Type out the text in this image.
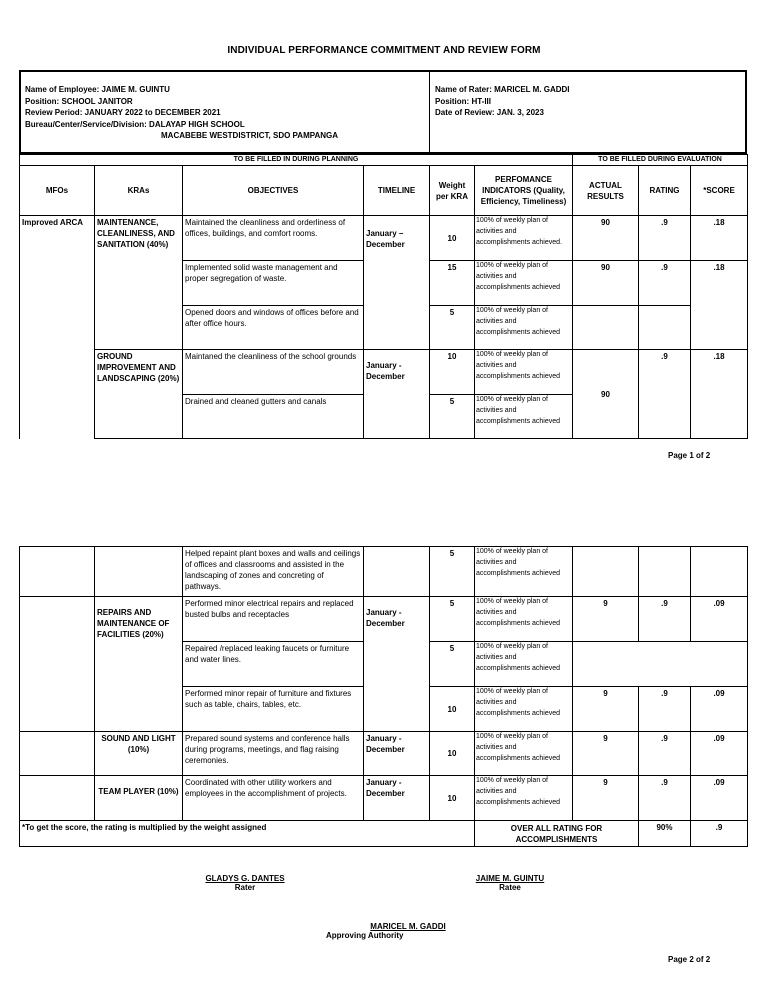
INDIVIDUAL PERFORMANCE COMMITMENT AND REVIEW FORM
Name of Employee: JAIME M. GUINTU
Position: SCHOOL JANITOR
Review Period: JANUARY 2022 to DECEMBER 2021
Bureau/Center/Service/Division: DALAYAP HIGH SCHOOL
MACABEBE WESTDISTRICT, SDO PAMPANGA
Name of Rater: MARICEL M. GADDI
Position: HT-III
Date of Review: JAN. 3, 2023
TO BE FILLED IN DURING PLANNING						TO BE FILLED DURING EVALUATION		
MFOs	KRAs	OBJECTIVES	TIMELINE	Weight per KRA	PERFOMANCE INDICATORS (Quality, Efficiency, Timeliness)	ACTUAL RESULTS	RATING	*SCORE
Improved ARCA	MAINTENANCE, CLEANLINESS, AND SANITATION (40%)	Maintained the cleanliness and orderliness of offices, buildings, and comfort rooms.	January – December	10	100% of weekly plan of activities and accomplishments achieved.	90	.9	.18
		Implemented solid waste management and proper segregation of waste.		15	100% of weekly plan of activities and accomplishments achieved	90	.9	.18
		Opened doors and windows of offices before and after office hours.		5	100% of weekly plan of activities and accomplishments achieved			
	GROUND IMPROVEMENT AND LANDSCAPING (20%)	Maintaned the cleanliness of the school grounds	January - December	10	100% of weekly plan of activities and accomplishments achieved	90	.9	.18
		Drained and cleaned gutters and canals		5	100% of weekly plan of activities and accomplishments achieved			
Page 1 of 2
		Helped repaint plant boxes and walls and ceilings of offices and classrooms and assisted in the landscaping of zones and concreting of pathways.		5	100% of weekly plan of activities and accomplishments achieved			
	REPAIRS AND MAINTENANCE OF FACILITIES (20%)	Performed minor electrical repairs and replaced busted bulbs and receptacles	January - December	5	100% of weekly plan of activities and accomplishments achieved	9	.9	.09
		Repaired /replaced leaking faucets or furniture and water lines.		5	100% of weekly plan of activities and accomplishments achieved			
		Performed minor repair of furniture and fixtures such as table, chairs, tables, etc.		10	100% of weekly plan of activities and accomplishments achieved	9	.9	.09
	SOUND AND LIGHT (10%)	Prepared sound systems and conference halls during programs, meetings, and flag raising ceremonies.	January - December	10	100% of weekly plan of activities and accomplishments achieved	9	.9	.09
	TEAM PLAYER (10%)	Coordinated with other utility workers and employees in the accomplishment of projects.	January - December	10	100% of weekly plan of activities and accomplishments achieved	9	.9	.09
*To get the score, the rating is multiplied by the weight assigned					OVER ALL RATING FOR ACCOMPLISHMENTS		90%	.9
GLADYS G. DANTES
Rater
JAIME M. GUINTU
Ratee
MARICEL M. GADDI
Approving Authority
Page 2 of 2
